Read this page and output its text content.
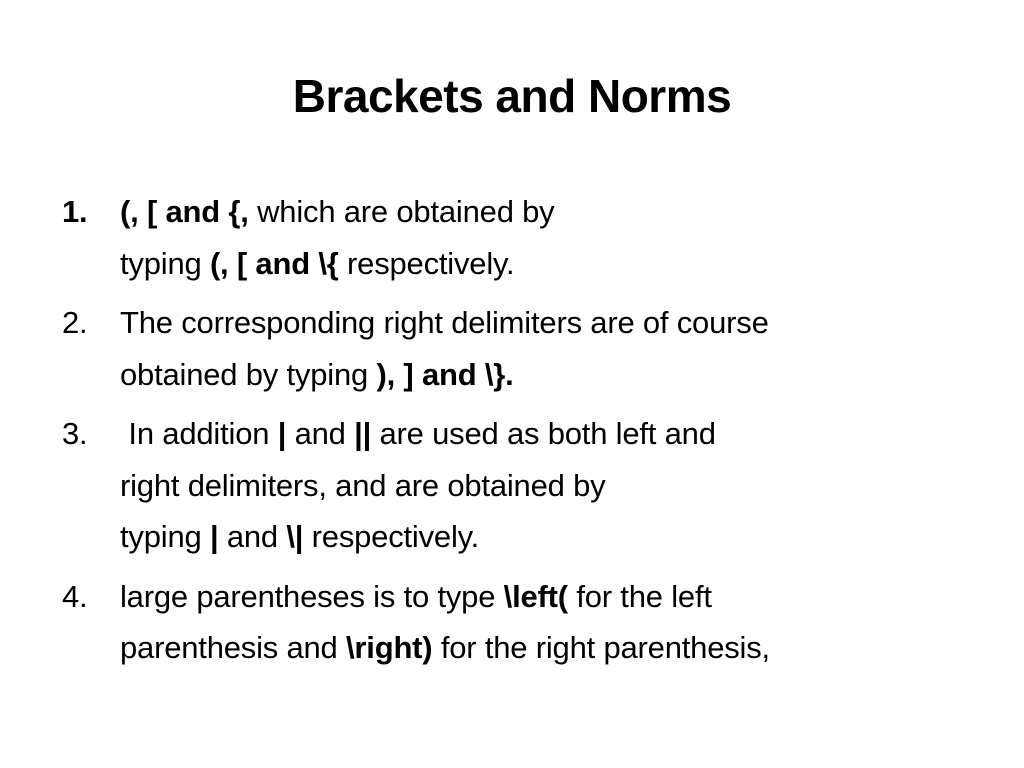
Brackets and Norms
1.	(, [ and {, which are obtained by
typing (, [ and \{ respectively.
2.	The corresponding right delimiters are of course
obtained by typing ), ] and \}.
3.	In addition | and || are used as both left and
right delimiters, and are obtained by
typing | and \| respectively.
4.	large parentheses is to type \left( for the left
parenthesis and \right) for the right parenthesis,
